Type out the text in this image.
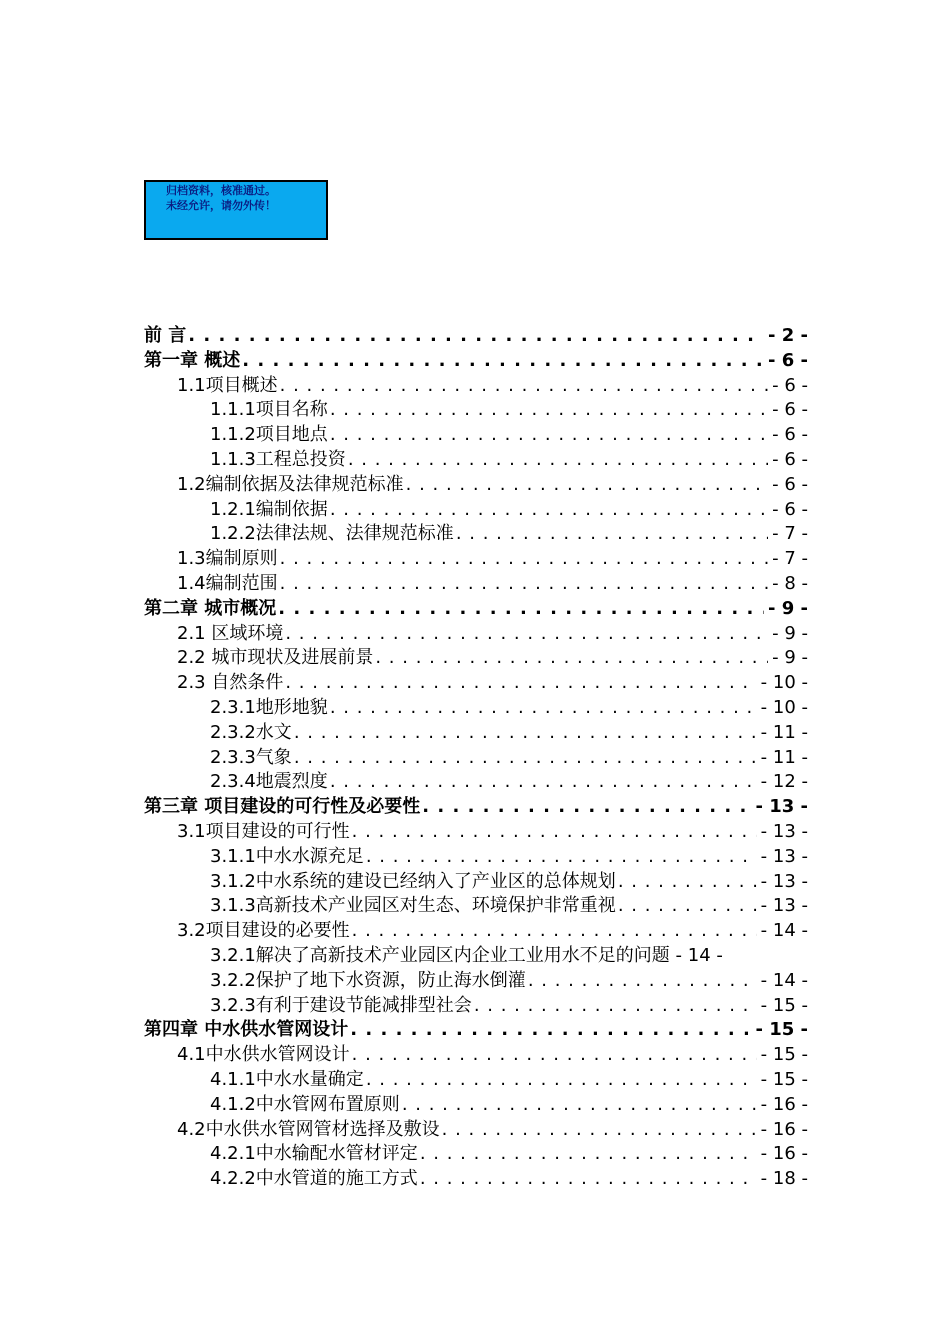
归档资料，核准通过。
未经允许，请勿外传！
前 言 . . .	- 2 -
第一章 概述 . . .	- 6 -
1.1项目概述 . . .	- 6 -
1.1.1项目名称 . . .	- 6 -
1.1.2项目地点 . . .	- 6 -
1.1.3工程总投资 . . .	- 6 -
1.2编制依据及法律规范标准 . . .	- 6 -
1.2.1编制依据 . . .	- 6 -
1.2.2法律法规、法律规范标准 . . .	- 7 -
1.3编制原则 . . .	- 7 -
1.4编制范围 . . .	- 8 -
第二章 城市概况 . . .	- 9 -
2.1 区域环境 . . .	- 9 -
2.2 城市现状及进展前景 . . .	- 9 -
2.3 自然条件 . . .	- 10 -
2.3.1地形地貌 . . .	- 10 -
2.3.2水文 . . .	- 11 -
2.3.3气象 . . .	- 11 -
2.3.4地震烈度 . . .	- 12 -
第三章 项目建设的可行性及必要性 . . .	- 13 -
3.1项目建设的可行性 . . .	- 13 -
3.1.1中水水源充足 . . .	- 13 -
3.1.2中水系统的建设已经纳入了产业区的总体规划 . . .	- 13 -
3.1.3高新技术产业园区对生态、环境保护非常重视 . . .	- 13 -
3.2项目建设的必要性 . . .	- 14 -
3.2.1解决了高新技术产业园区内企业工业用水不足的问题 - 14 -
3.2.2保护了地下水资源，防止海水倒灌 . . .	- 14 -
3.2.3有利于建设节能减排型社会 . . .	- 15 -
第四章 中水供水管网设计 . . .	- 15 -
4.1中水供水管网设计 . . .	- 15 -
4.1.1中水水量确定 . . .	- 15 -
4.1.2中水管网布置原则 . . .	- 16 -
4.2中水供水管网管材选择及敷设 . . .	- 16 -
4.2.1中水输配水管材评定 . . .	- 16 -
4.2.2中水管道的施工方式 . . .	- 18 -
